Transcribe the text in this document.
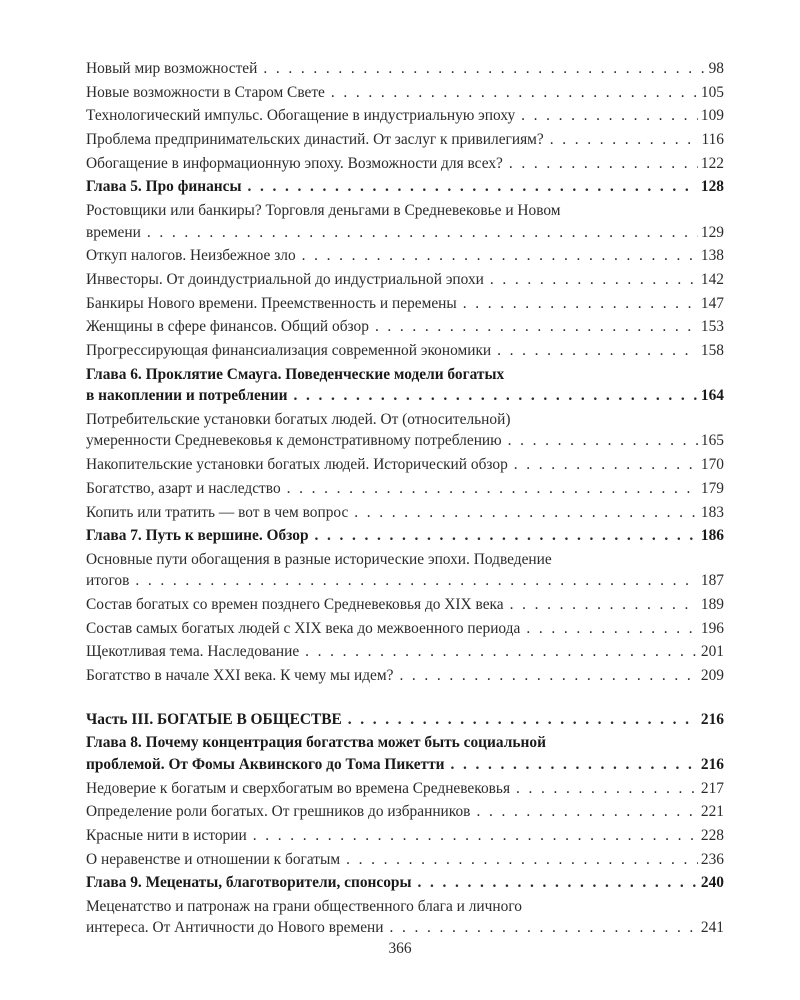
Новый мир возможностей . . .	98
Новые возможности в Старом Свете . . .	105
Технологический импульс. Обогащение в индустриальную эпоху . . .	109
Проблема предпринимательских династий. От заслуг к привилегиям? . . .	116
Обогащение в информационную эпоху. Возможности для всех? . . .	122
Глава 5. Про финансы . . .	128
Ростовщики или банкиры? Торговля деньгами в Средневековье и Новом
времени . . .	129
Откуп налогов. Неизбежное зло . . .	138
Инвесторы. От доиндустриальной до индустриальной эпохи . . .	142
Банкиры Нового времени. Преемственность и перемены . . .	147
Женщины в сфере финансов. Общий обзор . . .	153
Прогрессирующая финансиализация современной экономики . . .	158
Глава 6. Проклятие Смауга. Поведенческие модели богатых
в накоплении и потреблении . . .	164
Потребительские установки богатых людей. От (относительной)
умеренности Средневековья к демонстративному потреблению . . .	165
Накопительские установки богатых людей. Исторический обзор . . .	170
Богатство, азарт и наследство . . .	179
Копить или тратить — вот в чем вопрос . . .	183
Глава 7. Путь к вершине. Обзор . . .	186
Основные пути обогащения в разные исторические эпохи. Подведение
итогов . . .	187
Состав богатых со времен позднего Средневековья до XIX века . . .	189
Состав самых богатых людей с XIX века до межвоенного периода . . .	196
Щекотливая тема. Наследование . . .	201
Богатство в начале XXI века. К чему мы идем? . . .	209
Часть III. БОГАТЫЕ В ОБЩЕСТВЕ . . .	216
Глава 8. Почему концентрация богатства может быть социальной
проблемой. От Фомы Аквинского до Тома Пикетти . . .	216
Недоверие к богатым и сверхбогатым во времена Средневековья . . .	217
Определение роли богатых. От грешников до избранников . . .	221
Красные нити в истории . . .	228
О неравенстве и отношении к богатым . . .	236
Глава 9. Меценаты, благотворители, спонсоры . . .	240
Меценатство и патронаж на грани общественного блага и личного
интереса. От Античности до Нового времени . . .	241
366
